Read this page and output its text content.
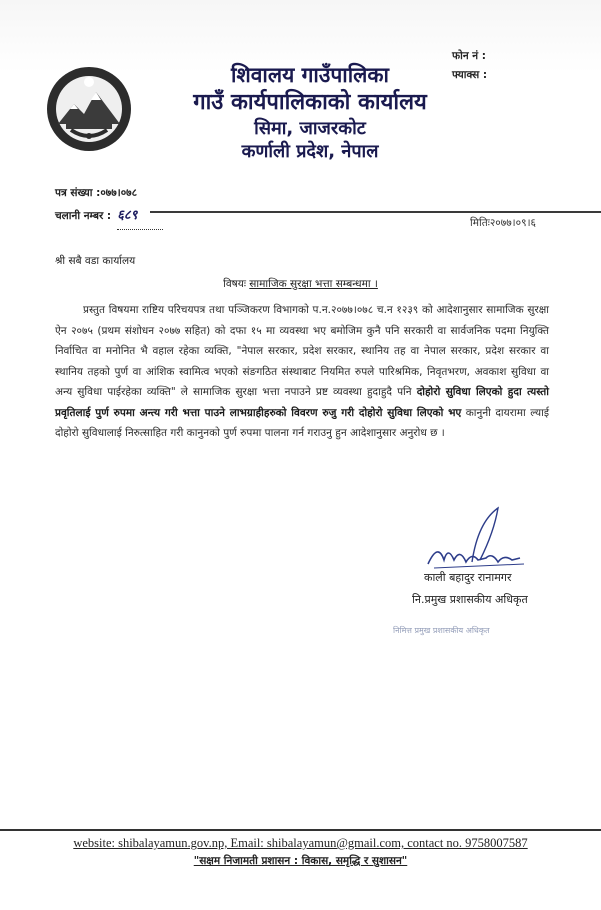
शिवालय गाउँपालिका
गाउँ कार्यपालिकाको कार्यालय
सिमा, जाजरकोट
कर्णाली प्रदेश, नेपाल
फोन नं :
फ्याक्स :
पत्र संख्या :०७७।०७८
चलानी नम्बर : ६८९	मितिः२०७७।०९।६
श्री सबै वडा कार्यालय
विषयः सामाजिक सुरक्षा भत्ता सम्बन्धमा ।
प्रस्तुत विषयमा राष्टिय परिचयपत्र तथा पञ्जिकरण विभागको प.न.२०७७।०७८ च.न १२३९ को आदेशानुसार सामाजिक सुरक्षा ऐन २०७५ (प्रथम संशोधन २०७७ सहित) को दफा १५ मा व्यवस्था भए बमोजिम कुनै पनि सरकारी वा सार्वजनिक पदमा नियुक्ति निर्वाचित वा मनोनित भै वहाल रहेका व्यक्ति, "नेपाल सरकार, प्रदेश सरकार, स्थानिय तह वा नेपाल सरकार, प्रदेश सरकार वा स्थानिय तहको पुर्ण वा आंशिक स्वामित्व भएको संङगठित संस्थाबाट नियमित रुपले पारिश्रमिक, निवृतभरण, अवकाश सुविधा वा अन्य सुविधा पाईरहेका व्यक्ति" ले सामाजिक सुरक्षा भत्ता नपाउने प्रष्ट व्यवस्था हुदाहुदै पनि दोहोरो सुविधा लिएको हुदा त्यस्तो प्रवृतिलाई पुर्ण रुपमा अन्त्य गरी भत्ता पाउने लाभग्राहीहरुको विवरण रुजु गरी दोहोरो सुविधा लिएको भए कानुनी दायरामा ल्याई दोहोरो सुविधालाई निरुत्साहित गरी कानुनको पुर्ण रुपमा पालना गर्न गराउनु हुन आदेशानुसार अनुरोध छ ।
काली बहादुर रानामगर
नि.प्रमुख प्रशासकीय अधिकृत
निमित्त प्रमुख प्रशासकीय अधिकृत
website: shibalayamun.gov.np, Email: shibalayamun@gmail.com, contact no. 9758007587
"सक्षम निजामती प्रशासन : विकास, समृद्धि र सुशासन"
